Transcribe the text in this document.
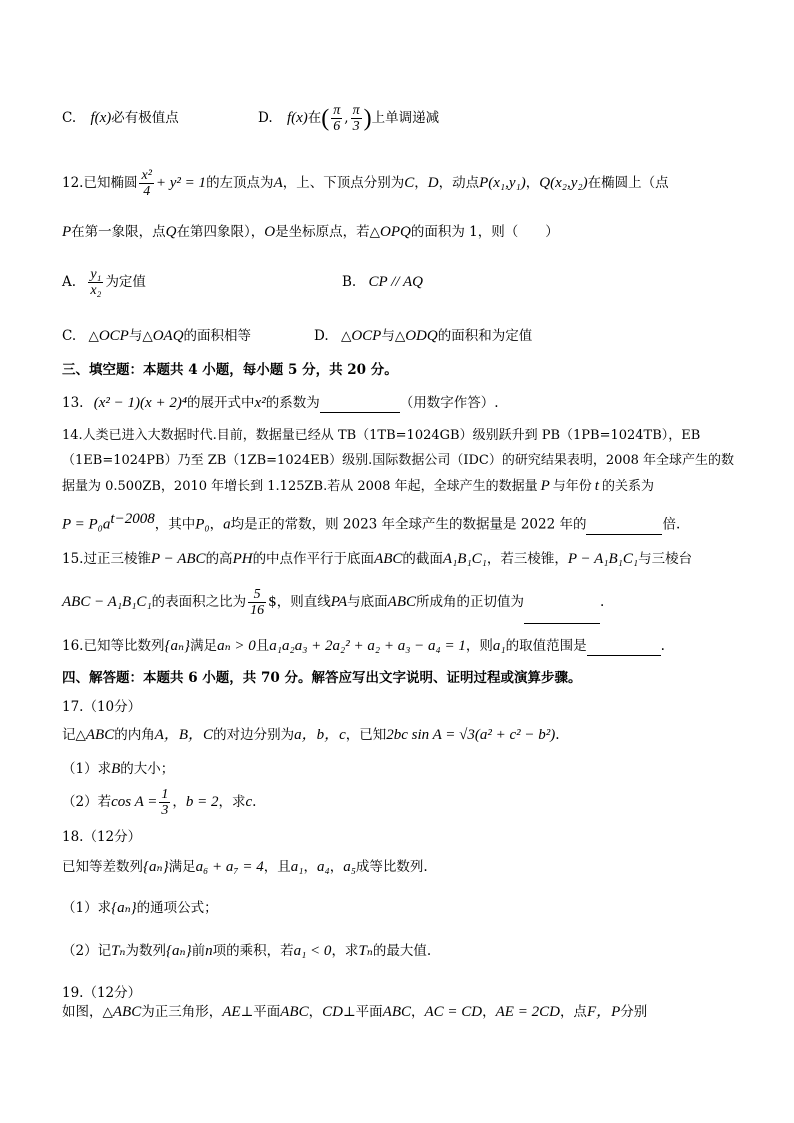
C. f(x)必有极值点	D. f(x)在( $\frac{\pi}{6}$ , $\frac{\pi}{3}$ )上单调递减
12.已知椭圆 $\frac{\text{x²}}{4} + y^2 = 1$的左顶点为A，上、下顶点分别为C，D，动点P(x₁,y₁)，Q(x₂,y₂)在椭圆上（点
P在第一象限，点Q在第四象限），O是坐标原点，若△OPQ的面积为 1，则（　　）
A. $\frac{\text{y₁}}{\text{x₂}}$ 为定值	B. CP // AQ
C. △OCP与△OAQ的面积相等	D. △OCP与△ODQ的面积和为定值
三、填空题：本题共 4 小题，每小题 5 分，共 20 分。
13. (x² − 1)(x + 2)⁴的展开式中x²的系数为	（用数字作答）.
14.人类已进入大数据时代.目前，数据量已经从 TB（1TB=1024GB）级别跃升到 PB（1PB=1024TB），EB
（1EB=1024PB）乃至 ZB（1ZB=1024EB）级别.国际数据公司（IDC）的研究结果表明，2008 年全球产生的数
据量为 0.500ZB，2010 年增长到 1.125ZB.若从 2008 年起，全球产生的数据量 P 与年份 t 的关系为
$P = P_0a^{t-2008}$，其中P₀，a均是正的常数，则 2023 年全球产生的数据量是 2022 年的	倍.
15.过正三棱锥P − ABC的高PH的中点作平行于底面ABC的截面A₁B₁C₁，若三棱锥，P − A₁B₁C₁与三棱台
ABC − A₁B₁C₁的表面积之比为 $\frac{5}{16}$ $，则直线PA与底面ABC所成角的正切值为	.
16.已知等比数列{aₙ}满足aₙ > 0且a₁a₂a₃ + 2a₂² + a₂ + a₃ − a₄ = 1，则a₁的取值范围是	.
四、解答题：本题共 6 小题，共 70 分。解答应写出文字说明、证明过程或演算步骤。
17.（10分）
记△ABC的内角A，B，C的对边分别为a，b，c，已知2bc sin A = √3(a² + c² − b²).
（1）求B的大小；
（2）若$\cos A = \frac{1}{3}$ ，b = 2，求c.
18.（12分）
已知等差数列{aₙ}满足a₆ + a₇ = 4，且a₁，a₄，a₅成等比数列.
（1）求{aₙ}的通项公式；
（2）记Tₙ为数列{aₙ}前n项的乘积，若a₁ < 0，求Tₙ的最大值.
19.（12分）
如图，△ABC为正三角形，AE⊥平面ABC，CD⊥平面ABC，AC = CD，AE = 2CD，点F，P分别
